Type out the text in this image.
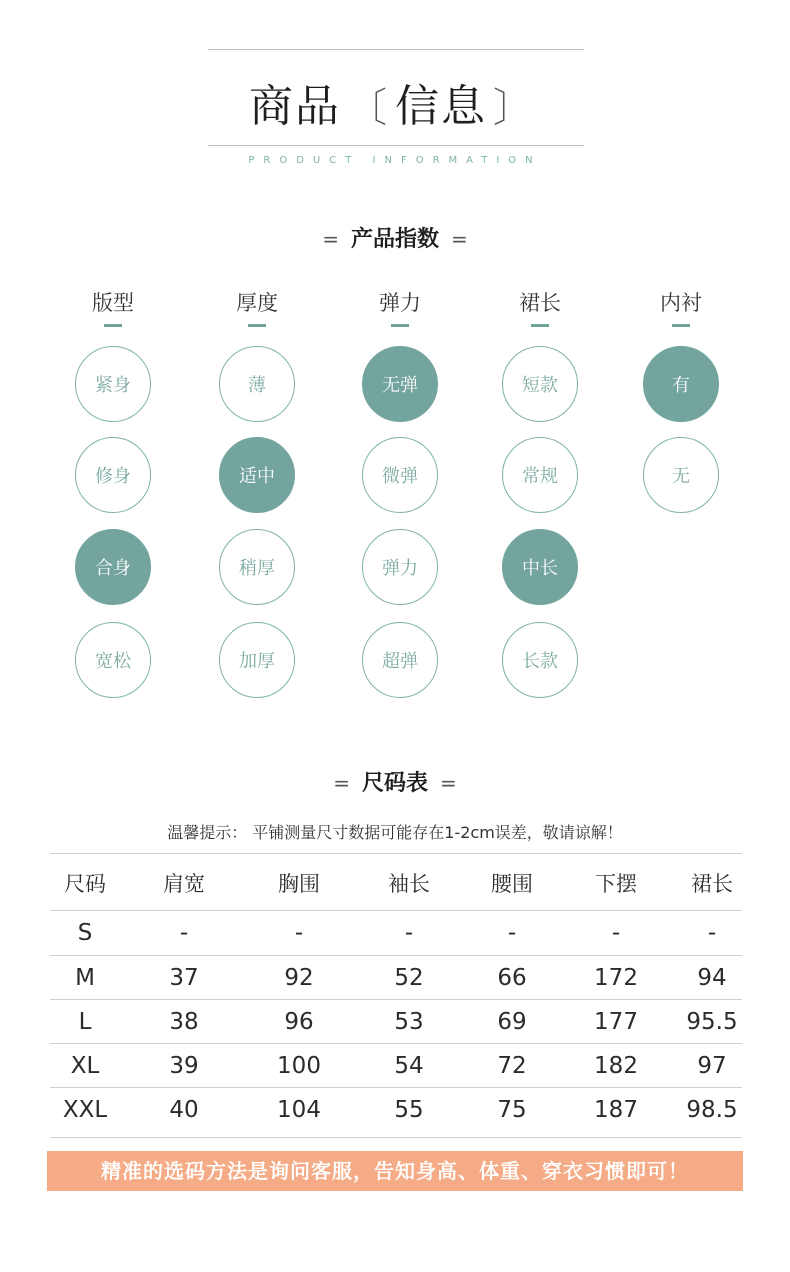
商品 〔 信息 〕
PRODUCT INFORMATION
= 产品指数 =
版型
紧身
修身
合身
宽松
厚度
薄
适中
稍厚
加厚
弹力
无弹
微弹
弹力
超弹
裙长
短款
常规
中长
长款
内衬
有
无
= 尺码表 =
温馨提示： 平铺测量尺寸数据可能存在1-2cm误差，敬请谅解！
尺码	肩宽	胸围	袖长	腰围	下摆	裙长
S	-	-	-	-	-	-
M	37	92	52	66	172	94
L	38	96	53	69	177	95.5
XL	39	100	54	72	182	97
XXL	40	104	55	75	187	98.5
精准的选码方法是询问客服，告知身高、体重、穿衣习惯即可！
